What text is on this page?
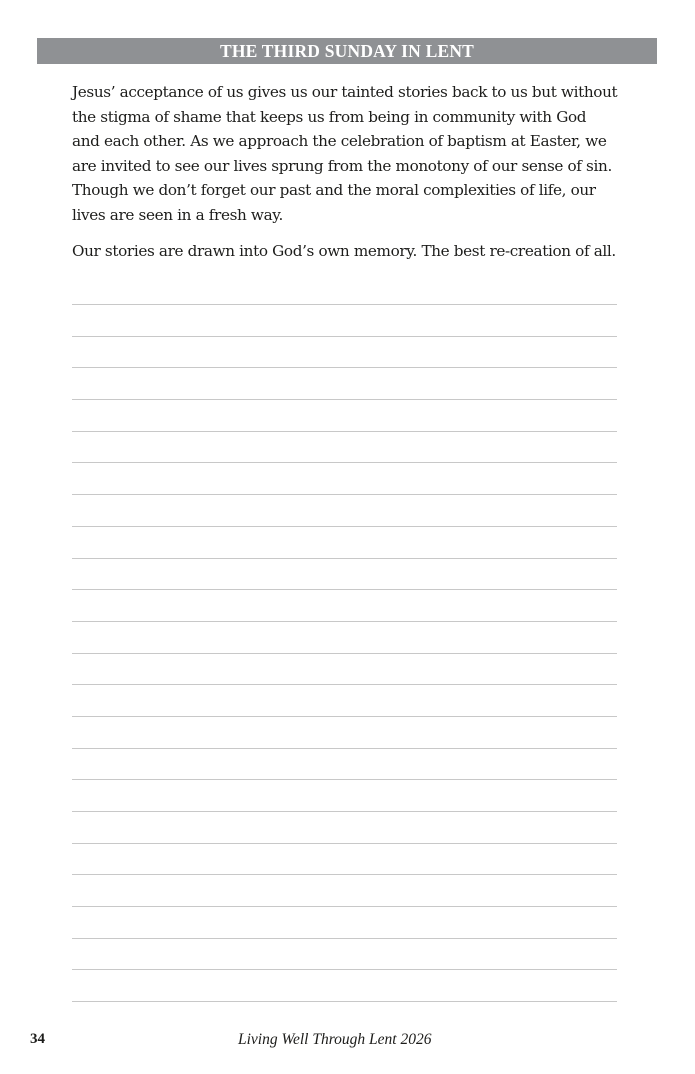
THE THIRD SUNDAY IN LENT

Jesus’ acceptance of us gives us our tainted stories back to us but without the stigma of shame that keeps us from being in community with God and each other. As we approach the celebration of baptism at Easter, we are invited to see our lives sprung from the monotony of our sense of sin. Though we don’t forget our past and the moral complexities of life, our lives are seen in a fresh way.

Our stories are drawn into God’s own memory. The best re-creation of all.

34	Living Well Through Lent 2026
